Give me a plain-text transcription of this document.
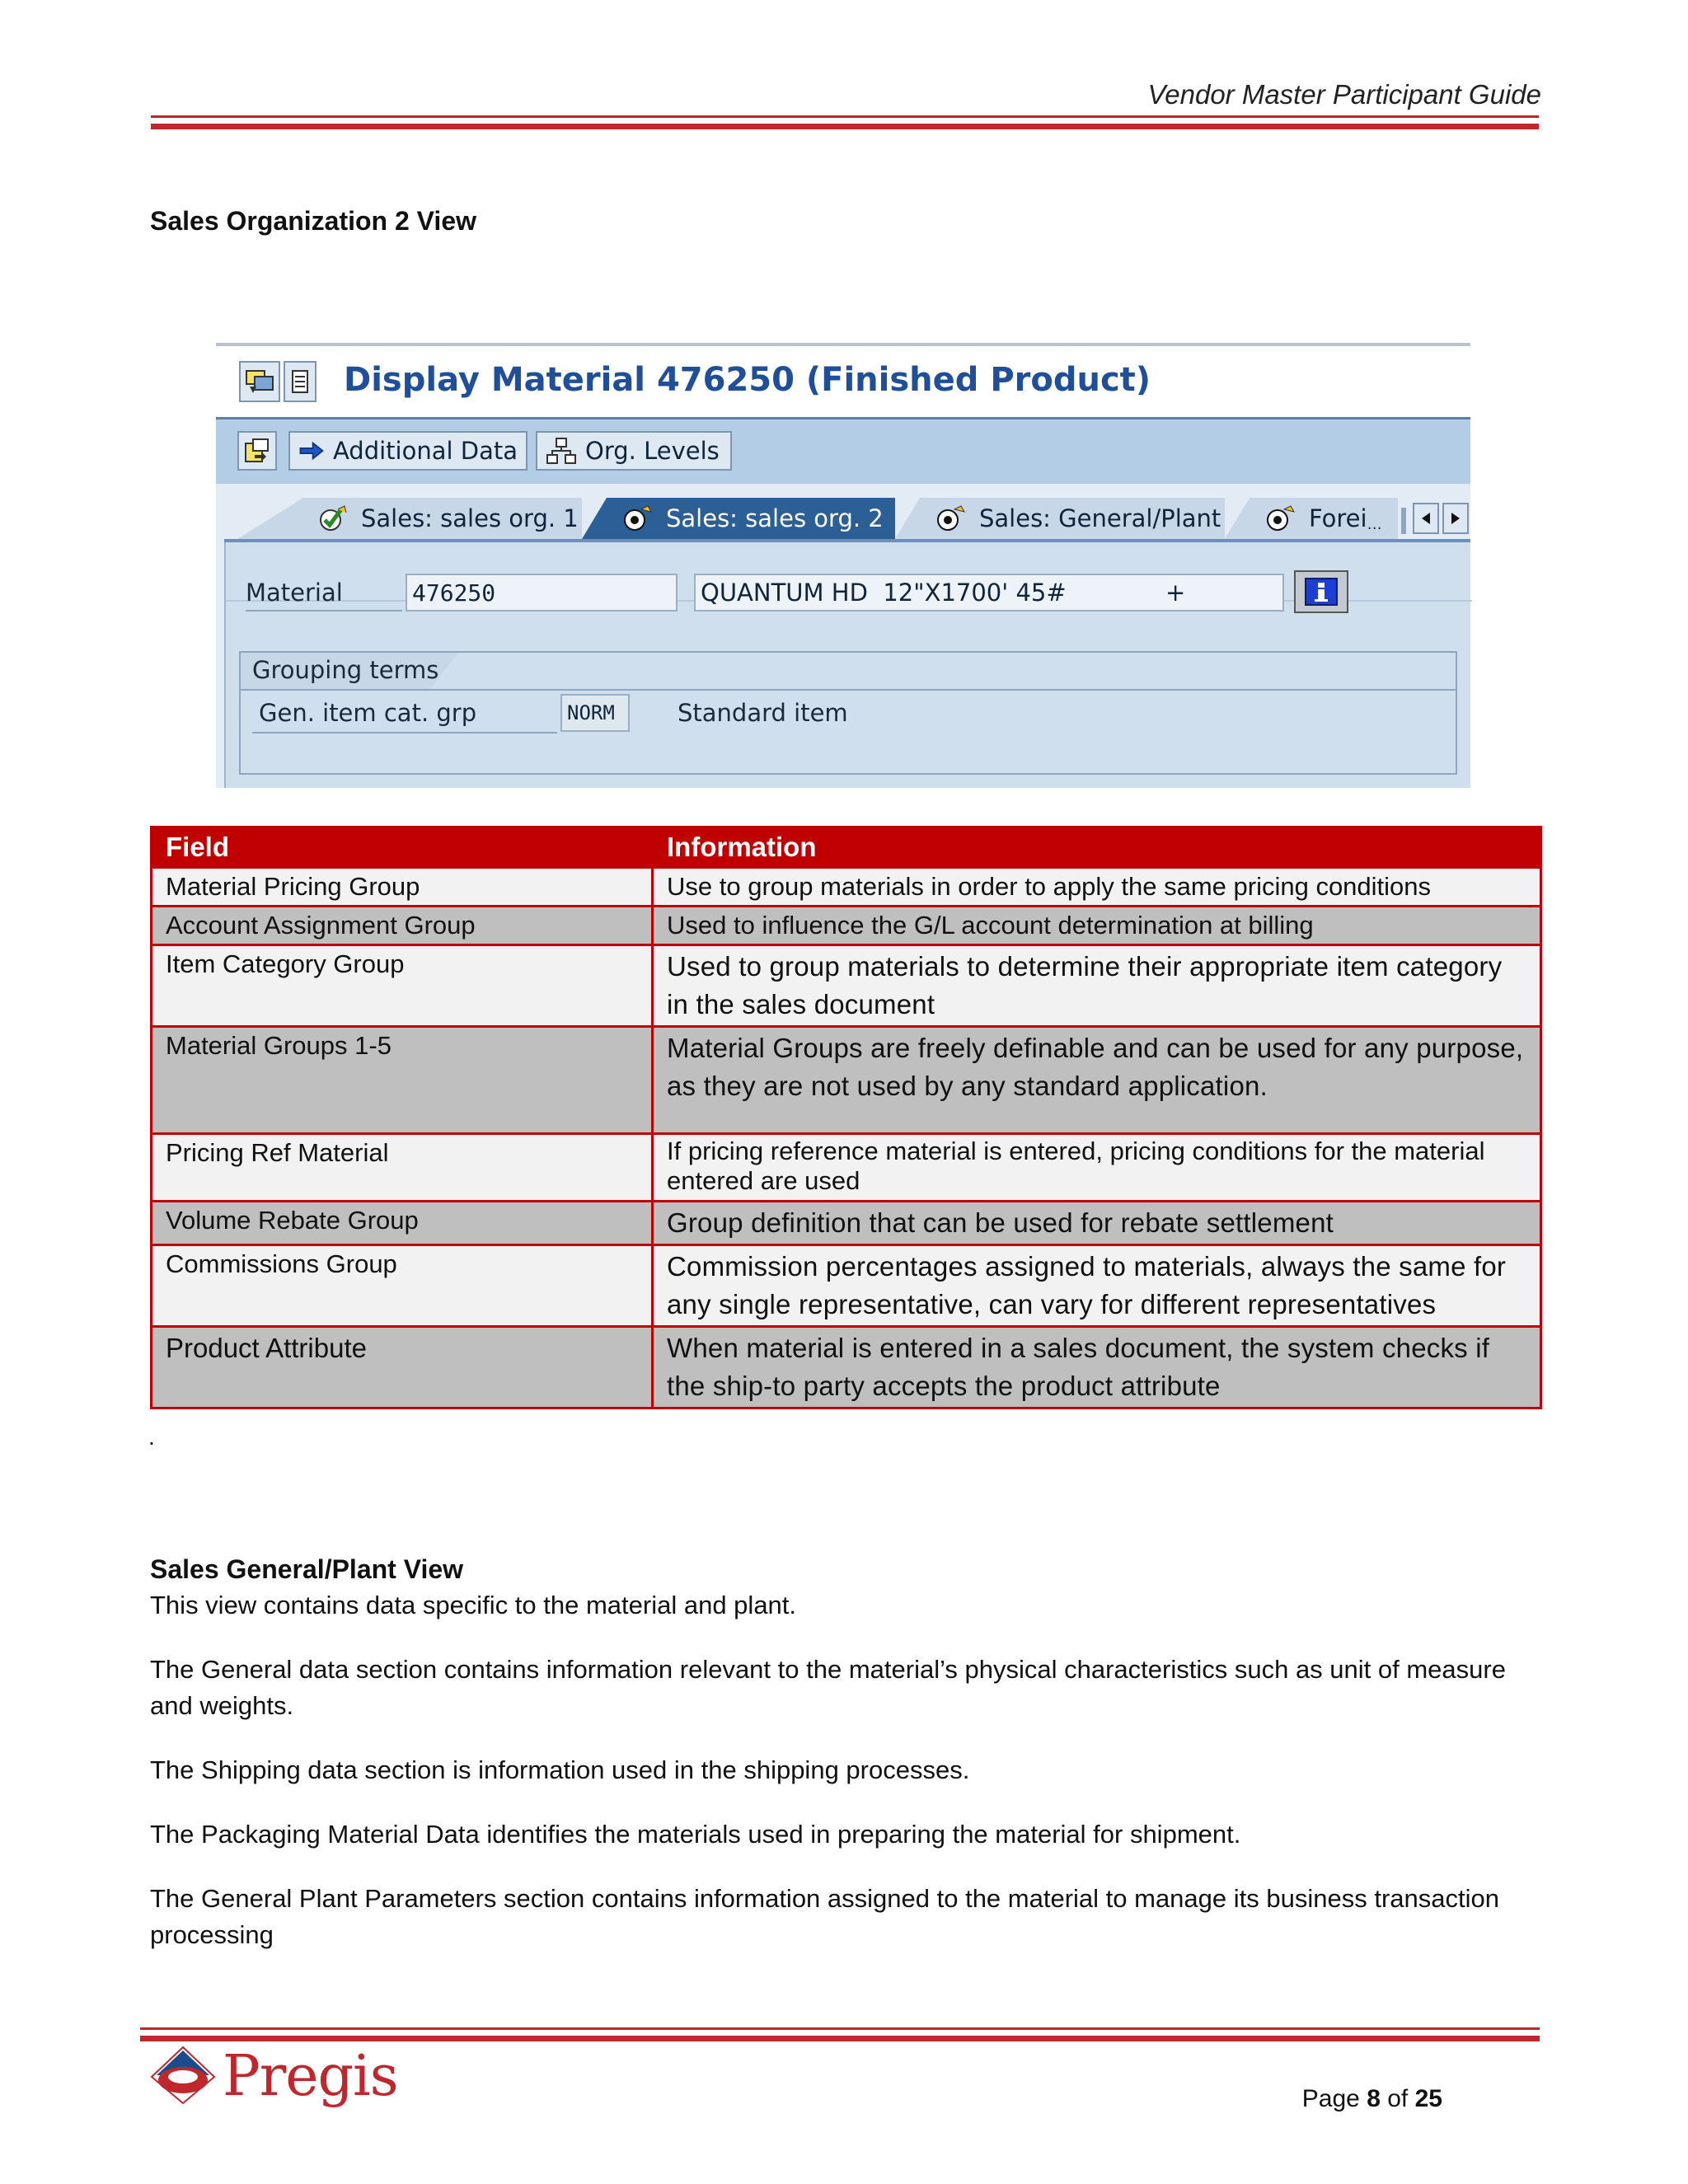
Vendor Master Participant Guide
Sales Organization 2 View
Display Material 476250 (Finished Product)
Additional Data	Org. Levels
Sales: sales org. 1	Sales: sales org. 2	Sales: General/Plant	Forei …
Material	476250	QUANTUM HD  12"X1700' 45#	+
Grouping terms
Gen. item cat. grp	NORM	Standard item
Field	Information
Material Pricing Group	Use to group materials in order to apply the same pricing conditions
Account Assignment Group	Used to influence the G/L account determination at billing
Item Category Group	Used to group materials to determine their appropriate item category in the sales document
Material Groups 1-5	Material Groups are freely definable and can be used for any purpose, as they are not used by any standard application.
Pricing Ref Material	If pricing reference material is entered, pricing conditions for the material entered are used
Volume Rebate Group	Group definition that can be used for rebate settlement
Commissions Group	Commission percentages assigned to materials, always the same for any single representative, can vary for different representatives
Product Attribute	When material is entered in a sales document, the system checks if the ship-to party accepts the product attribute
.
Sales General/Plant View
This view contains data specific to the material and plant.
The General data section contains information relevant to the material’s physical characteristics such as unit of measure and weights.
The Shipping data section is information used in the shipping processes.
The Packaging Material Data identifies the materials used in preparing the material for shipment.
The General Plant Parameters section contains information assigned to the material to manage its business transaction processing
Pregis	Page 8 of 25
